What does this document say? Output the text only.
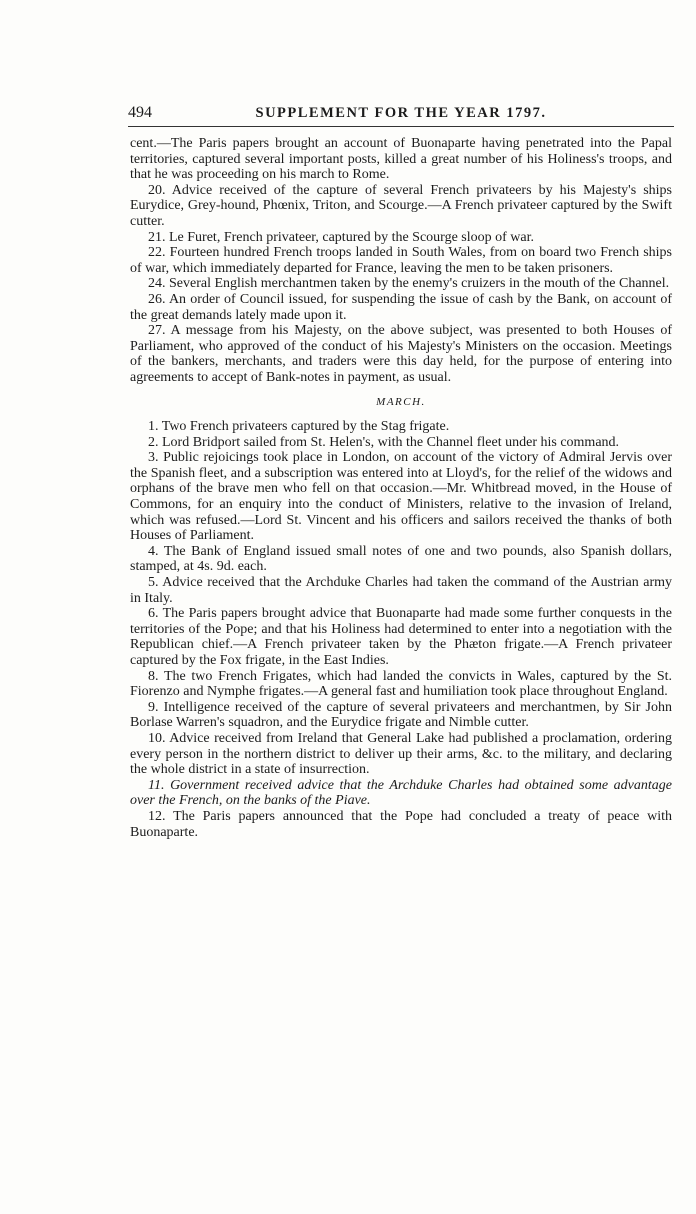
494	SUPPLEMENT FOR THE YEAR 1797.

cent.—The Paris papers brought an account of Buonaparte having penetrated into the Papal territories, captured several important posts, killed a great number of his Holiness's troops, and that he was proceeding on his march to Rome.

20. Advice received of the capture of several French privateers by his Majesty's ships Eurydice, Grey-hound, Phœnix, Triton, and Scourge.—A French privateer captured by the Swift cutter.

21. Le Furet, French privateer, captured by the Scourge sloop of war.

22. Fourteen hundred French troops landed in South Wales, from on board two French ships of war, which immediately departed for France, leaving the men to be taken prisoners.

24. Several English merchantmen taken by the enemy's cruizers in the mouth of the Channel.

26. An order of Council issued, for suspending the issue of cash by the Bank, on account of the great demands lately made upon it.

27. A message from his Majesty, on the above subject, was presented to both Houses of Parliament, who approved of the conduct of his Majesty's Ministers on the occasion. Meetings of the bankers, merchants, and traders were this day held, for the purpose of entering into agreements to accept of Bank-notes in payment, as usual.

MARCH.

1. Two French privateers captured by the Stag frigate.

2. Lord Bridport sailed from St. Helen's, with the Channel fleet under his command.

3. Public rejoicings took place in London, on account of the victory of Admiral Jervis over the Spanish fleet, and a subscription was entered into at Lloyd's, for the relief of the widows and orphans of the brave men who fell on that occasion.—Mr. Whitbread moved, in the House of Commons, for an enquiry into the conduct of Ministers, relative to the invasion of Ireland, which was refused.—Lord St. Vincent and his officers and sailors received the thanks of both Houses of Parliament.

4. The Bank of England issued small notes of one and two pounds, also Spanish dollars, stamped, at 4s. 9d. each.

5. Advice received that the Archduke Charles had taken the command of the Austrian army in Italy.

6. The Paris papers brought advice that Buonaparte had made some further conquests in the territories of the Pope; and that his Holiness had determined to enter into a negotiation with the Republican chief.—A French privateer taken by the Phæton frigate.—A French privateer captured by the Fox frigate, in the East Indies.

8. The two French Frigates, which had landed the convicts in Wales, captured by the St. Fiorenzo and Nymphe frigates.—A general fast and humiliation took place throughout England.

9. Intelligence received of the capture of several privateers and merchantmen, by Sir John Borlase Warren's squadron, and the Eurydice frigate and Nimble cutter.

10. Advice received from Ireland that General Lake had published a proclamation, ordering every person in the northern district to deliver up their arms, &c. to the military, and declaring the whole district in a state of insurrection.

11. Government received advice that the Archduke Charles had obtained some advantage over the French, on the banks of the Piave.

12. The Paris papers announced that the Pope had concluded a treaty of peace with Buonaparte.
